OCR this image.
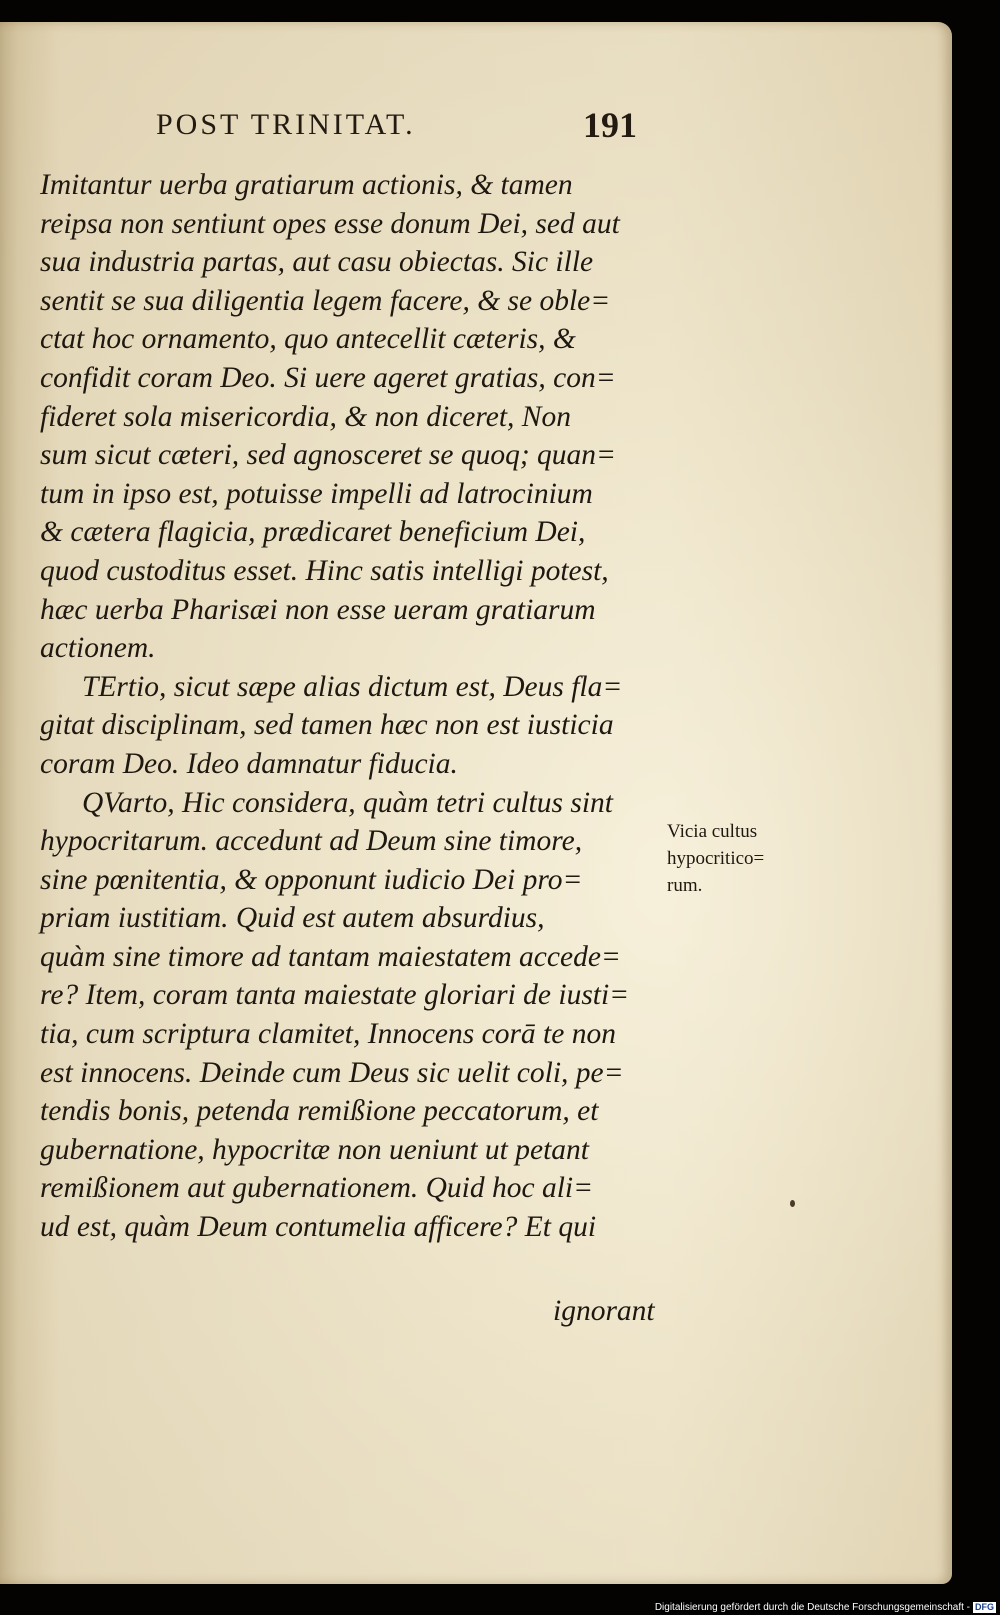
POST TRINITAT.	191
Imitantur uerba gratiarum actionis, & tamen
reipsa non sentiunt opes esse donum Dei, sed aut
sua industria partas, aut casu obiectas. Sic ille
sentit se sua diligentia legem facere, & se oble=
ctat hoc ornamento, quo antecellit cæteris, &
confidit coram Deo. Si uere ageret gratias, con=
fideret sola misericordia, & non diceret, Non
sum sicut cæteri, sed agnosceret se quoq; quan=
tum in ipso est, potuisse impelli ad latrocinium
& cætera flagicia, prædicaret beneficium Dei,
quod custoditus esset. Hinc satis intelligi potest,
hæc uerba Pharisæi non esse ueram gratiarum
actionem.
TErtio, sicut sæpe alias dictum est, Deus fla=
gitat disciplinam, sed tamen hæc non est iusticia
coram Deo. Ideo damnatur fiducia.
QVarto, Hic considera, quàm tetri cultus sint
hypocritarum. accedunt ad Deum sine timore,
sine pœnitentia, & opponunt iudicio Dei pro=
priam iustitiam. Quid est autem absurdius,
quàm sine timore ad tantam maiestatem accede=
re? Item, coram tanta maiestate gloriari de iusti=
tia, cum scriptura clamitet, Innocens corā te non
est innocens. Deinde cum Deus sic uelit coli, pe=
tendis bonis, petenda remißione peccatorum, et
gubernatione, hypocritæ non ueniunt ut petant
remißionem aut gubernationem. Quid hoc ali=
ud est, quàm Deum contumelia afficere? Et qui
ignorant
Vicia cultus
hypocritico=
rum.
Digitalisierung gefördert durch die Deutsche Forschungsgemeinschaft - DFG
